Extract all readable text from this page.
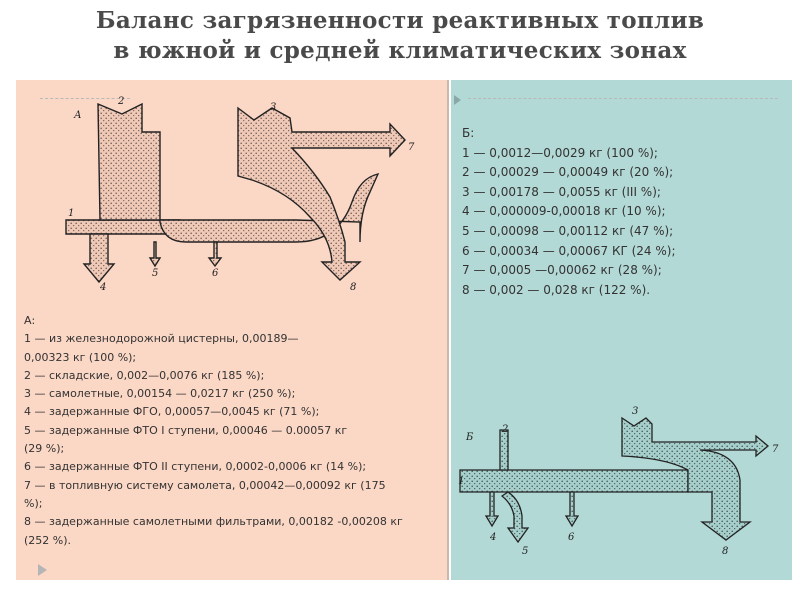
Баланс загрязненности реактивных топлив
в южной и средней климатических зонах
А
2
3
7
1
4
5	6
8
Б
2
3
7
1
4
5
6
8
А:
1 — из железнодорожной цистерны, 0,00189—
0,00323 кг (100 %);
2 — складские, 0,002—0,0076 кг (185 %);
3 — самолетные, 0,00154 — 0,0217 кг (250 %);
4 — задержанные ФГО, 0,00057—0,0045 кг (71 %);
5 — задержанные ФТО I ступени, 0,00046 — 0.00057 кг
(29 %);
6 — задержанные ФТО II ступени, 0,0002-0,0006 кг (14 %);
7 — в топливную систему самолета, 0,00042—0,00092 кг (175
%);
8 — задержанные самолетными фильтрами, 0,00182 -0,00208 кг
(252 %).
Б:
1 — 0,0012—0,0029 кг (100 %);
2 — 0,00029 — 0,00049 кг (20 %);
3 — 0,00178 — 0,0055 кг (III %);
4 — 0,000009-0,00018 кг (10 %);
5 — 0,00098 — 0,00112 кг (47 %);
6 — 0,00034 — 0,00067 КГ (24 %);
7 — 0,0005 —0,00062 кг (28 %);
8 — 0,002 — 0,028 кг (122 %).
